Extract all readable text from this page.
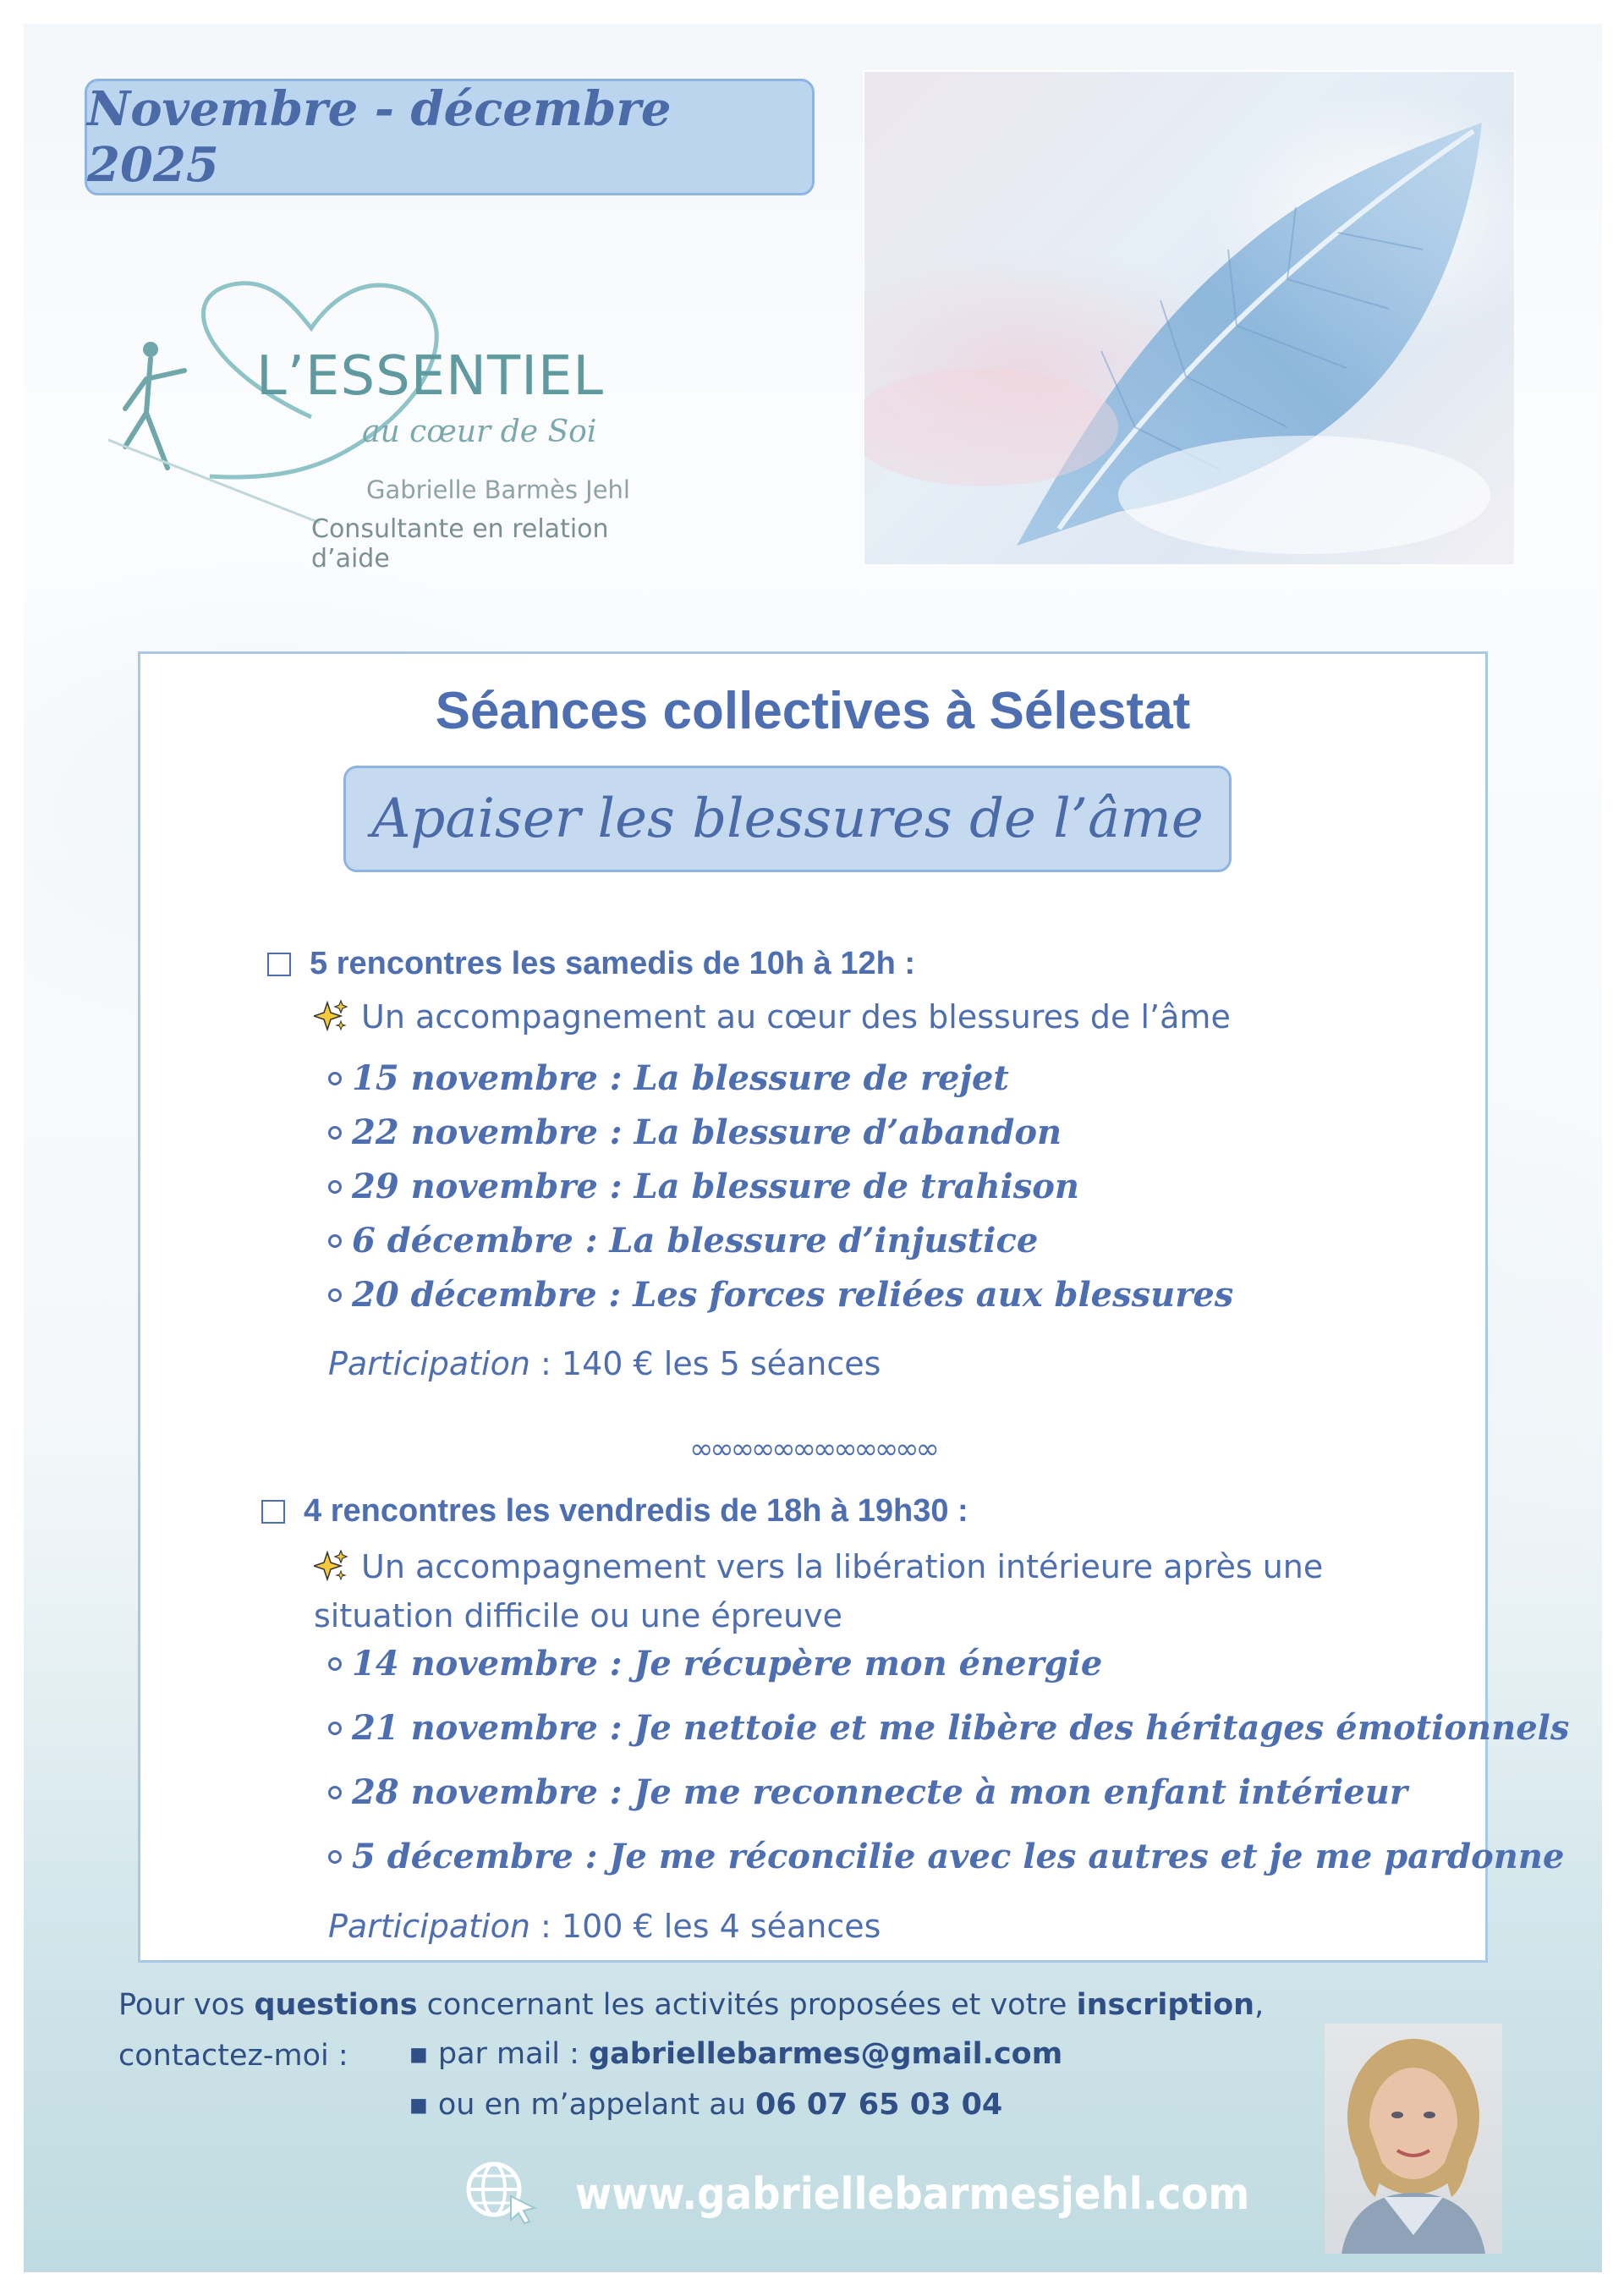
Novembre - décembre 2025
L’ESSENTIEL
au cœur de Soi
Gabrielle Barmès Jehl
Consultante en relation d’aide
Séances collectives à Sélestat
Apaiser les blessures de l’âme
5 rencontres les samedis de 10h à 12h :
Un accompagnement au cœur des blessures de l’âme
15 novembre : La blessure de rejet
22 novembre : La blessure d’abandon
29 novembre : La blessure de trahison
6 décembre : La blessure d’injustice
20 décembre : Les forces reliées aux blessures
Participation : 140 € les 5 séances
∞∞∞∞∞∞∞∞∞∞∞∞
4 rencontres les vendredis de 18h à 19h30 :
Un accompagnement vers la libération intérieure après une
situation difficile ou une épreuve
14 novembre : Je récupère mon énergie
21 novembre : Je nettoie et me libère des héritages émotionnels
28 novembre : Je me reconnecte à mon enfant intérieur
5 décembre : Je me réconcilie avec les autres et je me pardonne
Participation : 100 € les 4 séances
Pour vos questions concernant les activités proposées et votre inscription,
contactez-moi : ▪ par mail : gabriellebarmes@gmail.com
▪ ou en m’appelant au 06 07 65 03 04
www.gabriellebarmesjehl.com
